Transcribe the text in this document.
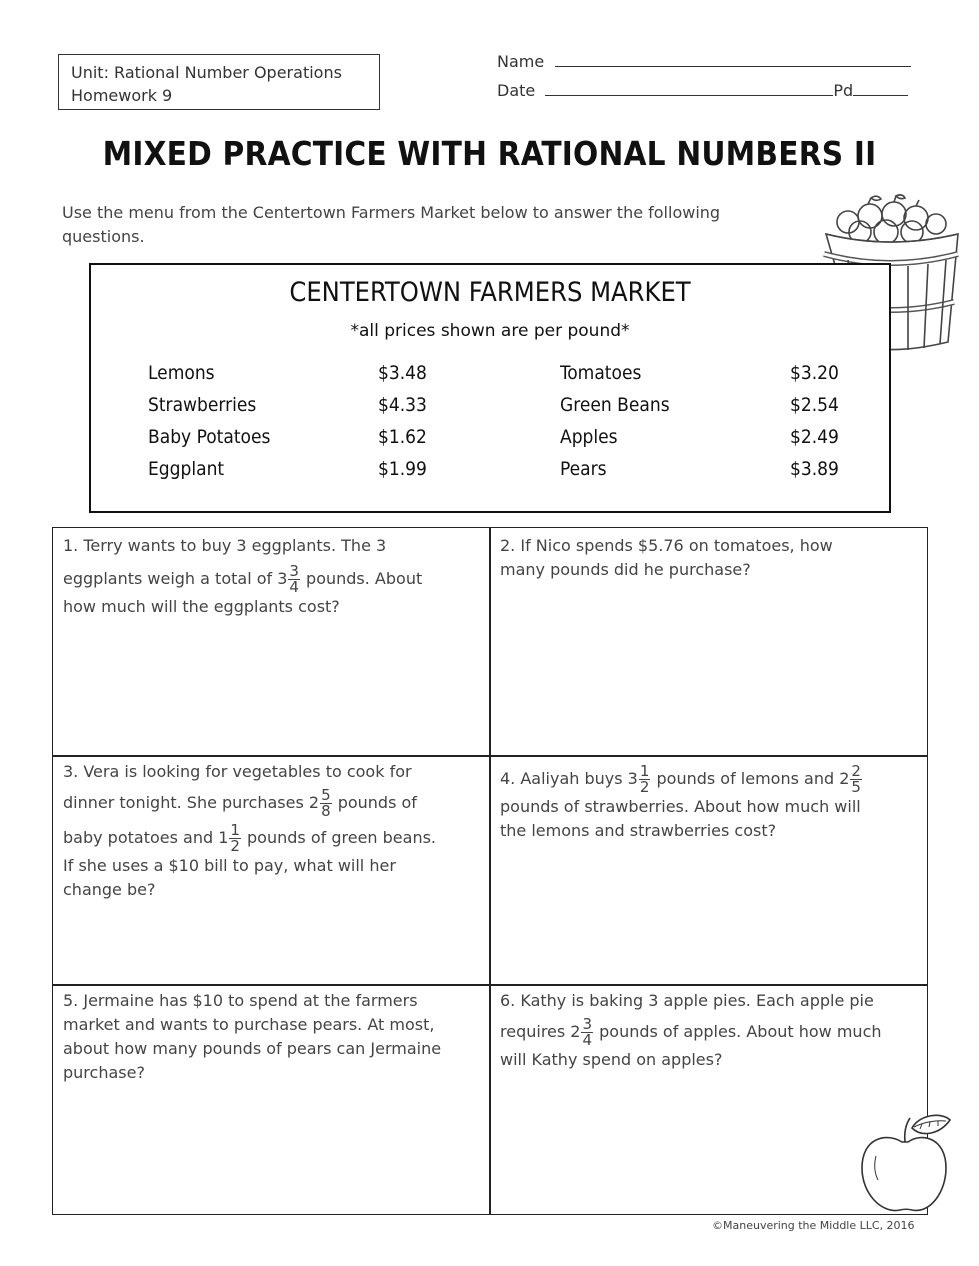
Unit: Rational Number Operations
Homework 9
Name
Date	Pd
MIXED PRACTICE WITH RATIONAL NUMBERS II
Use the menu from the Centertown Farmers Market below to answer the following questions.
CENTERTOWN FARMERS MARKET
*all prices shown are per pound*
Lemons	$3.48
Strawberries	$4.33
Baby Potatoes	$1.62
Eggplant	$1.99
Tomatoes	$3.20
Green Beans	$2.54
Apples	$2.49
Pears	$3.89
1. Terry wants to buy 3 eggplants. The 3
eggplants weigh a total of $3 \frac{3}{4}$ pounds. About
how much will the eggplants cost?
2. If Nico spends $5.76 on tomatoes, how
many pounds did he purchase?
3. Vera is looking for vegetables to cook for
dinner tonight. She purchases $2 \frac{5}{8}$ pounds of
baby potatoes and $1 \frac{1}{2}$ pounds of green beans.
If she uses a $10 bill to pay, what will her
change be?
4. Aaliyah buys $3 \frac{1}{2}$ pounds of lemons and $2 \frac{2}{5}$
pounds of strawberries. About how much will
the lemons and strawberries cost?
5. Jermaine has $10 to spend at the farmers
market and wants to purchase pears. At most,
about how many pounds of pears can Jermaine
purchase?
6. Kathy is baking 3 apple pies. Each apple pie
requires $2 \frac{3}{4}$ pounds of apples. About how much
will Kathy spend on apples?
©Maneuvering the Middle LLC, 2016
